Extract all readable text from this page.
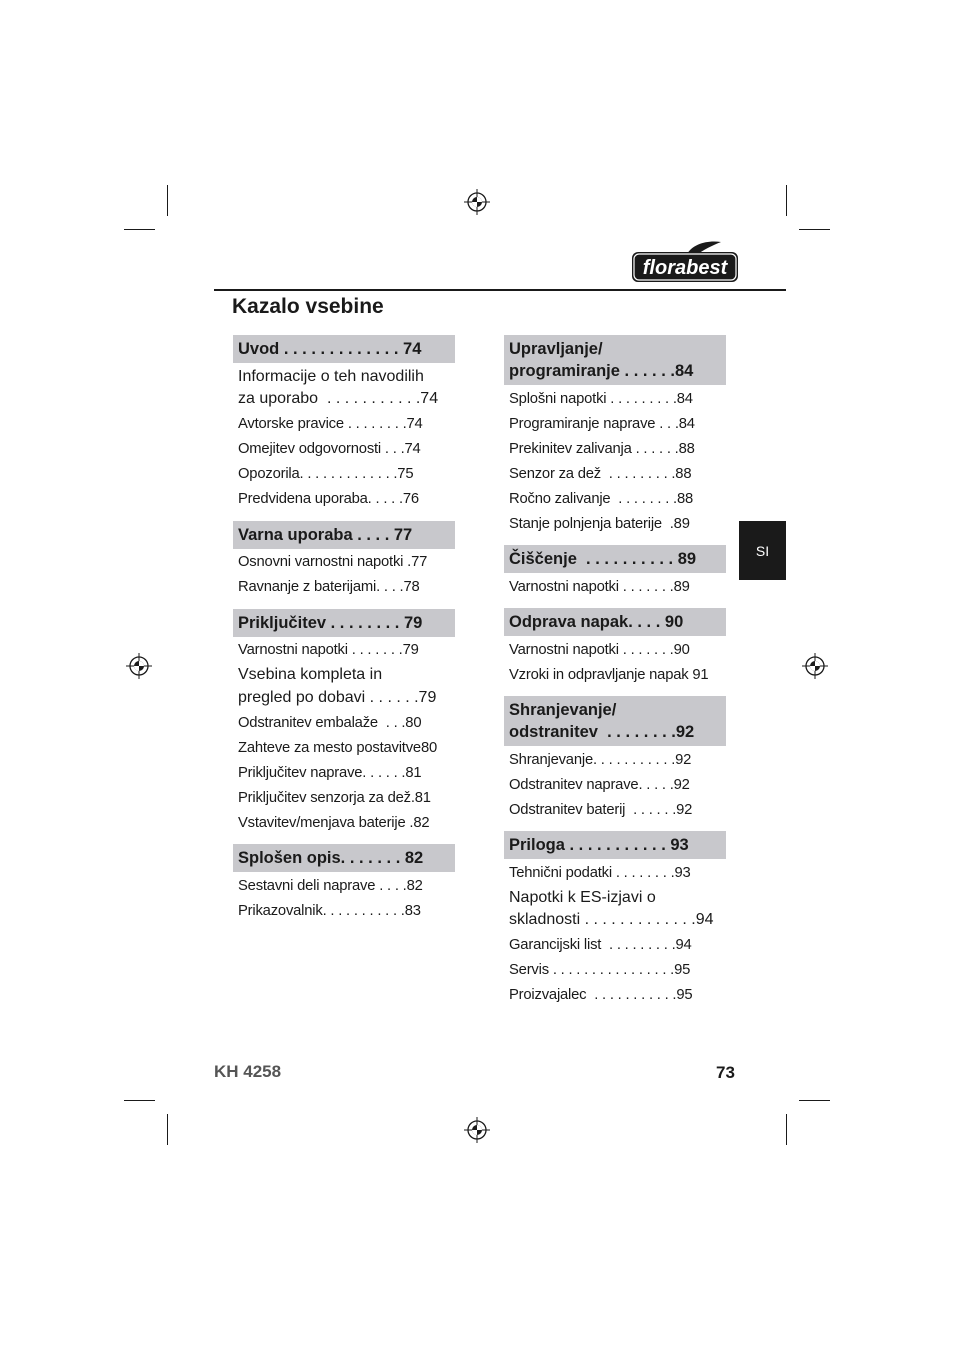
florabest
Kazalo vsebine
Uvod . . . . . . . . . . . . . 74
Informacije o teh navodilih
za uporabo  . . . . . . . . . . .74
Avtorske pravice . . . . . . . .74
Omejitev odgovornosti . . .74
Opozorila. . . . . . . . . . . . .75
Predvidena uporaba. . . . .76
Varna uporaba . . . . 77
Osnovni varnostni napotki .77
Ravnanje z baterijami. . . .78
Priključitev . . . . . . . . 79
Varnostni napotki . . . . . . .79
Vsebina kompleta in
pregled po dobavi . . . . . .79
Odstranitev embalaže  . . .80
Zahteve za mesto postavitve80
Priključitev naprave. . . . . .81
Priključitev senzorja za dež.81
Vstavitev/menjava baterije .82
Splošen opis. . . . . . . 82
Sestavni deli naprave . . . .82
Prikazovalnik. . . . . . . . . . .83
Upravljanje/
programiranje . . . . . .84
Splošni napotki . . . . . . . . .84
Programiranje naprave . . .84
Prekinitev zalivanja . . . . . .88
Senzor za dež  . . . . . . . . .88
Ročno zalivanje  . . . . . . . .88
Stanje polnjenja baterije  .89
Čiščenje  . . . . . . . . . . 89
Varnostni napotki . . . . . . .89
Odprava napak. . . . 90
Varnostni napotki . . . . . . .90
Vzroki in odpravljanje napak 91
Shranjevanje/
odstranitev  . . . . . . . .92
Shranjevanje. . . . . . . . . . .92
Odstranitev naprave. . . . .92
Odstranitev baterij  . . . . . .92
Priloga . . . . . . . . . . . 93
Tehnični podatki . . . . . . . .93
Napotki k ES-izjavi o
skladnosti . . . . . . . . . . . . .94
Garancijski list  . . . . . . . . .94
Servis . . . . . . . . . . . . . . . .95
Proizvajalec  . . . . . . . . . . .95
SI
KH 4258	73
